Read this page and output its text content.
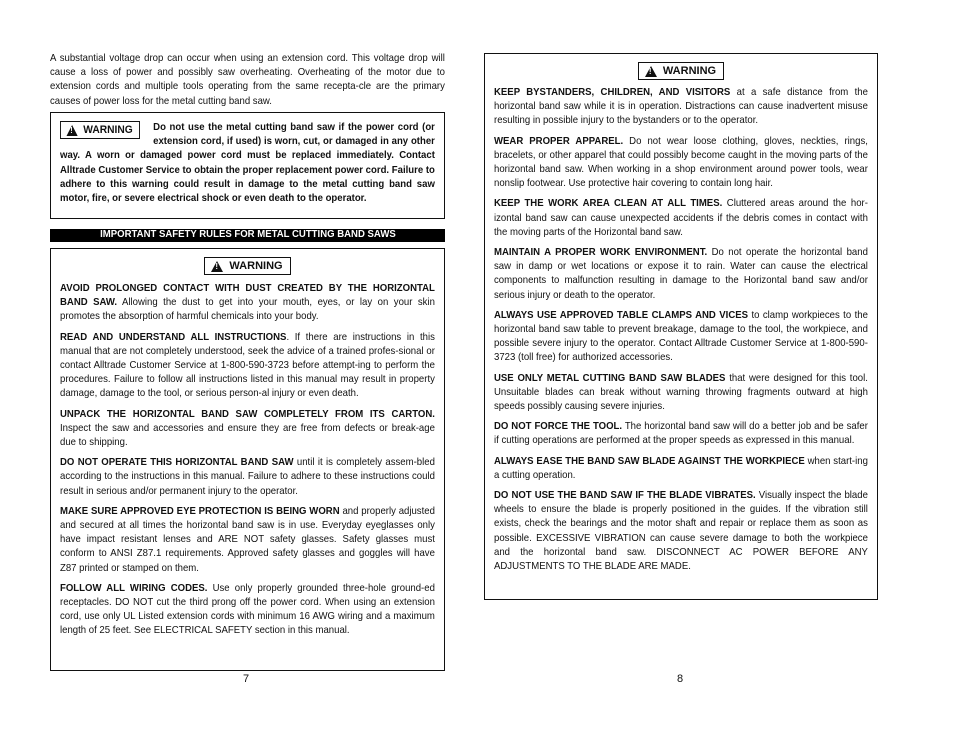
A substantial voltage drop can occur when using an extension cord. This voltage drop will cause a loss of power and possibly saw overheating. Overheating of the motor due to extension cords and multiple tools operating from the same recepta-cle are the primary causes of power loss for the metal cutting band saw.
!
WARNING Do not use the metal cutting band saw if the power cord (or extension cord, if used) is worn, cut, or damaged in any other way. A worn or damaged power cord must be replaced immediately. Contact Alltrade Customer Service to obtain the proper replacement power cord. Failure to adhere to this warning could result in damage to the metal cutting band saw motor, fire, or severe electrical shock or even death to the operator.
IMPORTANT SAFETY RULES FOR METAL CUTTING BAND SAWS
!
WARNING

AVOID PROLONGED CONTACT WITH DUST CREATED BY THE HORIZONTAL BAND SAW. Allowing the dust to get into your mouth, eyes, or lay on your skin promotes the absorption of harmful chemicals into your body.

READ AND UNDERSTAND ALL INSTRUCTIONS. If there are instructions in this manual that are not completely understood, seek the advice of a trained profes-sional or contact Alltrade Customer Service at 1-800-590-3723 before attempt-ing to perform the procedures. Failure to follow all instructions listed in this manual may result in property damage, damage to the tool, or serious person-al injury or even death.

UNPACK THE HORIZONTAL BAND SAW COMPLETELY FROM ITS CARTON. Inspect the saw and accessories and ensure they are free from defects or break-age due to shipping.

DO NOT OPERATE THIS HORIZONTAL BAND SAW until it is completely assem-bled according to the instructions in this manual. Failure to adhere to these instructions could result in serious and/or permanent injury to the operator.

MAKE SURE APPROVED EYE PROTECTION IS BEING WORN and properly adjusted and secured at all times the horizontal band saw is in use. Everyday eyeglasses only have impact resistant lenses and ARE NOT safety glasses. Safety glasses must conform to ANSI Z87.1 requirements. Approved safety glasses and goggles will have Z87 printed or stamped on them.

FOLLOW ALL WIRING CODES. Use only properly grounded three-hole ground-ed receptacles. DO NOT cut the third prong off the power cord. When using an extension cord, use only UL Listed extension cords with minimum 16 AWG wiring and a maximum length of 25 feet. See ELECTRICAL SAFETY section in this manual.

7
!
WARNING

KEEP BYSTANDERS, CHILDREN, AND VISITORS at a safe distance from the horizontal band saw while it is in operation. Distractions can cause inadvertent misuse resulting in possible injury to the bystanders or to the operator.

WEAR PROPER APPAREL. Do not wear loose clothing, gloves, neckties, rings, bracelets, or other apparel that could possibly become caught in the moving parts of the horizontal band saw. When working in a shop environment around power tools, wear nonslip footwear. Use protective hair covering to contain long hair.

KEEP THE WORK AREA CLEAN AT ALL TIMES. Cluttered areas around the hor-izontal band saw can cause unexpected accidents if the debris comes in contact with the moving parts of the Horizontal band saw.

MAINTAIN A PROPER WORK ENVIRONMENT. Do not operate the horizontal band saw in damp or wet locations or expose it to rain. Water can cause the electrical components to malfunction resulting in damage to the Horizontal band saw and/or serious injury or death to the operator.

ALWAYS USE APPROVED TABLE CLAMPS AND VICES to clamp workpieces to the horizontal band saw table to prevent breakage, damage to the tool, the workpiece, and possible severe injury to the operator. Contact Alltrade Customer Service at 1-800-590-3723 (toll free) for authorized accessories.

USE ONLY METAL CUTTING BAND SAW BLADES that were designed for this tool. Unsuitable blades can break without warning throwing fragments outward at high speeds possibly causing severe injuries.

DO NOT FORCE THE TOOL. The horizontal band saw will do a better job and be safer if cutting operations are performed at the proper speeds as expressed in this manual.

ALWAYS EASE THE BAND SAW BLADE AGAINST THE WORKPIECE when start-ing a cutting operation.

DO NOT USE THE BAND SAW IF THE BLADE VIBRATES. Visually inspect the blade wheels to ensure the blade is properly positioned in the guides. If the vibration still exists, check the bearings and the motor shaft and repair or replace them as soon as possible. EXCESSIVE VIBRATION can cause severe damage to both the workpiece and the horizontal band saw. DISCONNECT AC POWER BEFORE ANY ADJUSTMENTS TO THE BLADE ARE MADE.

8
